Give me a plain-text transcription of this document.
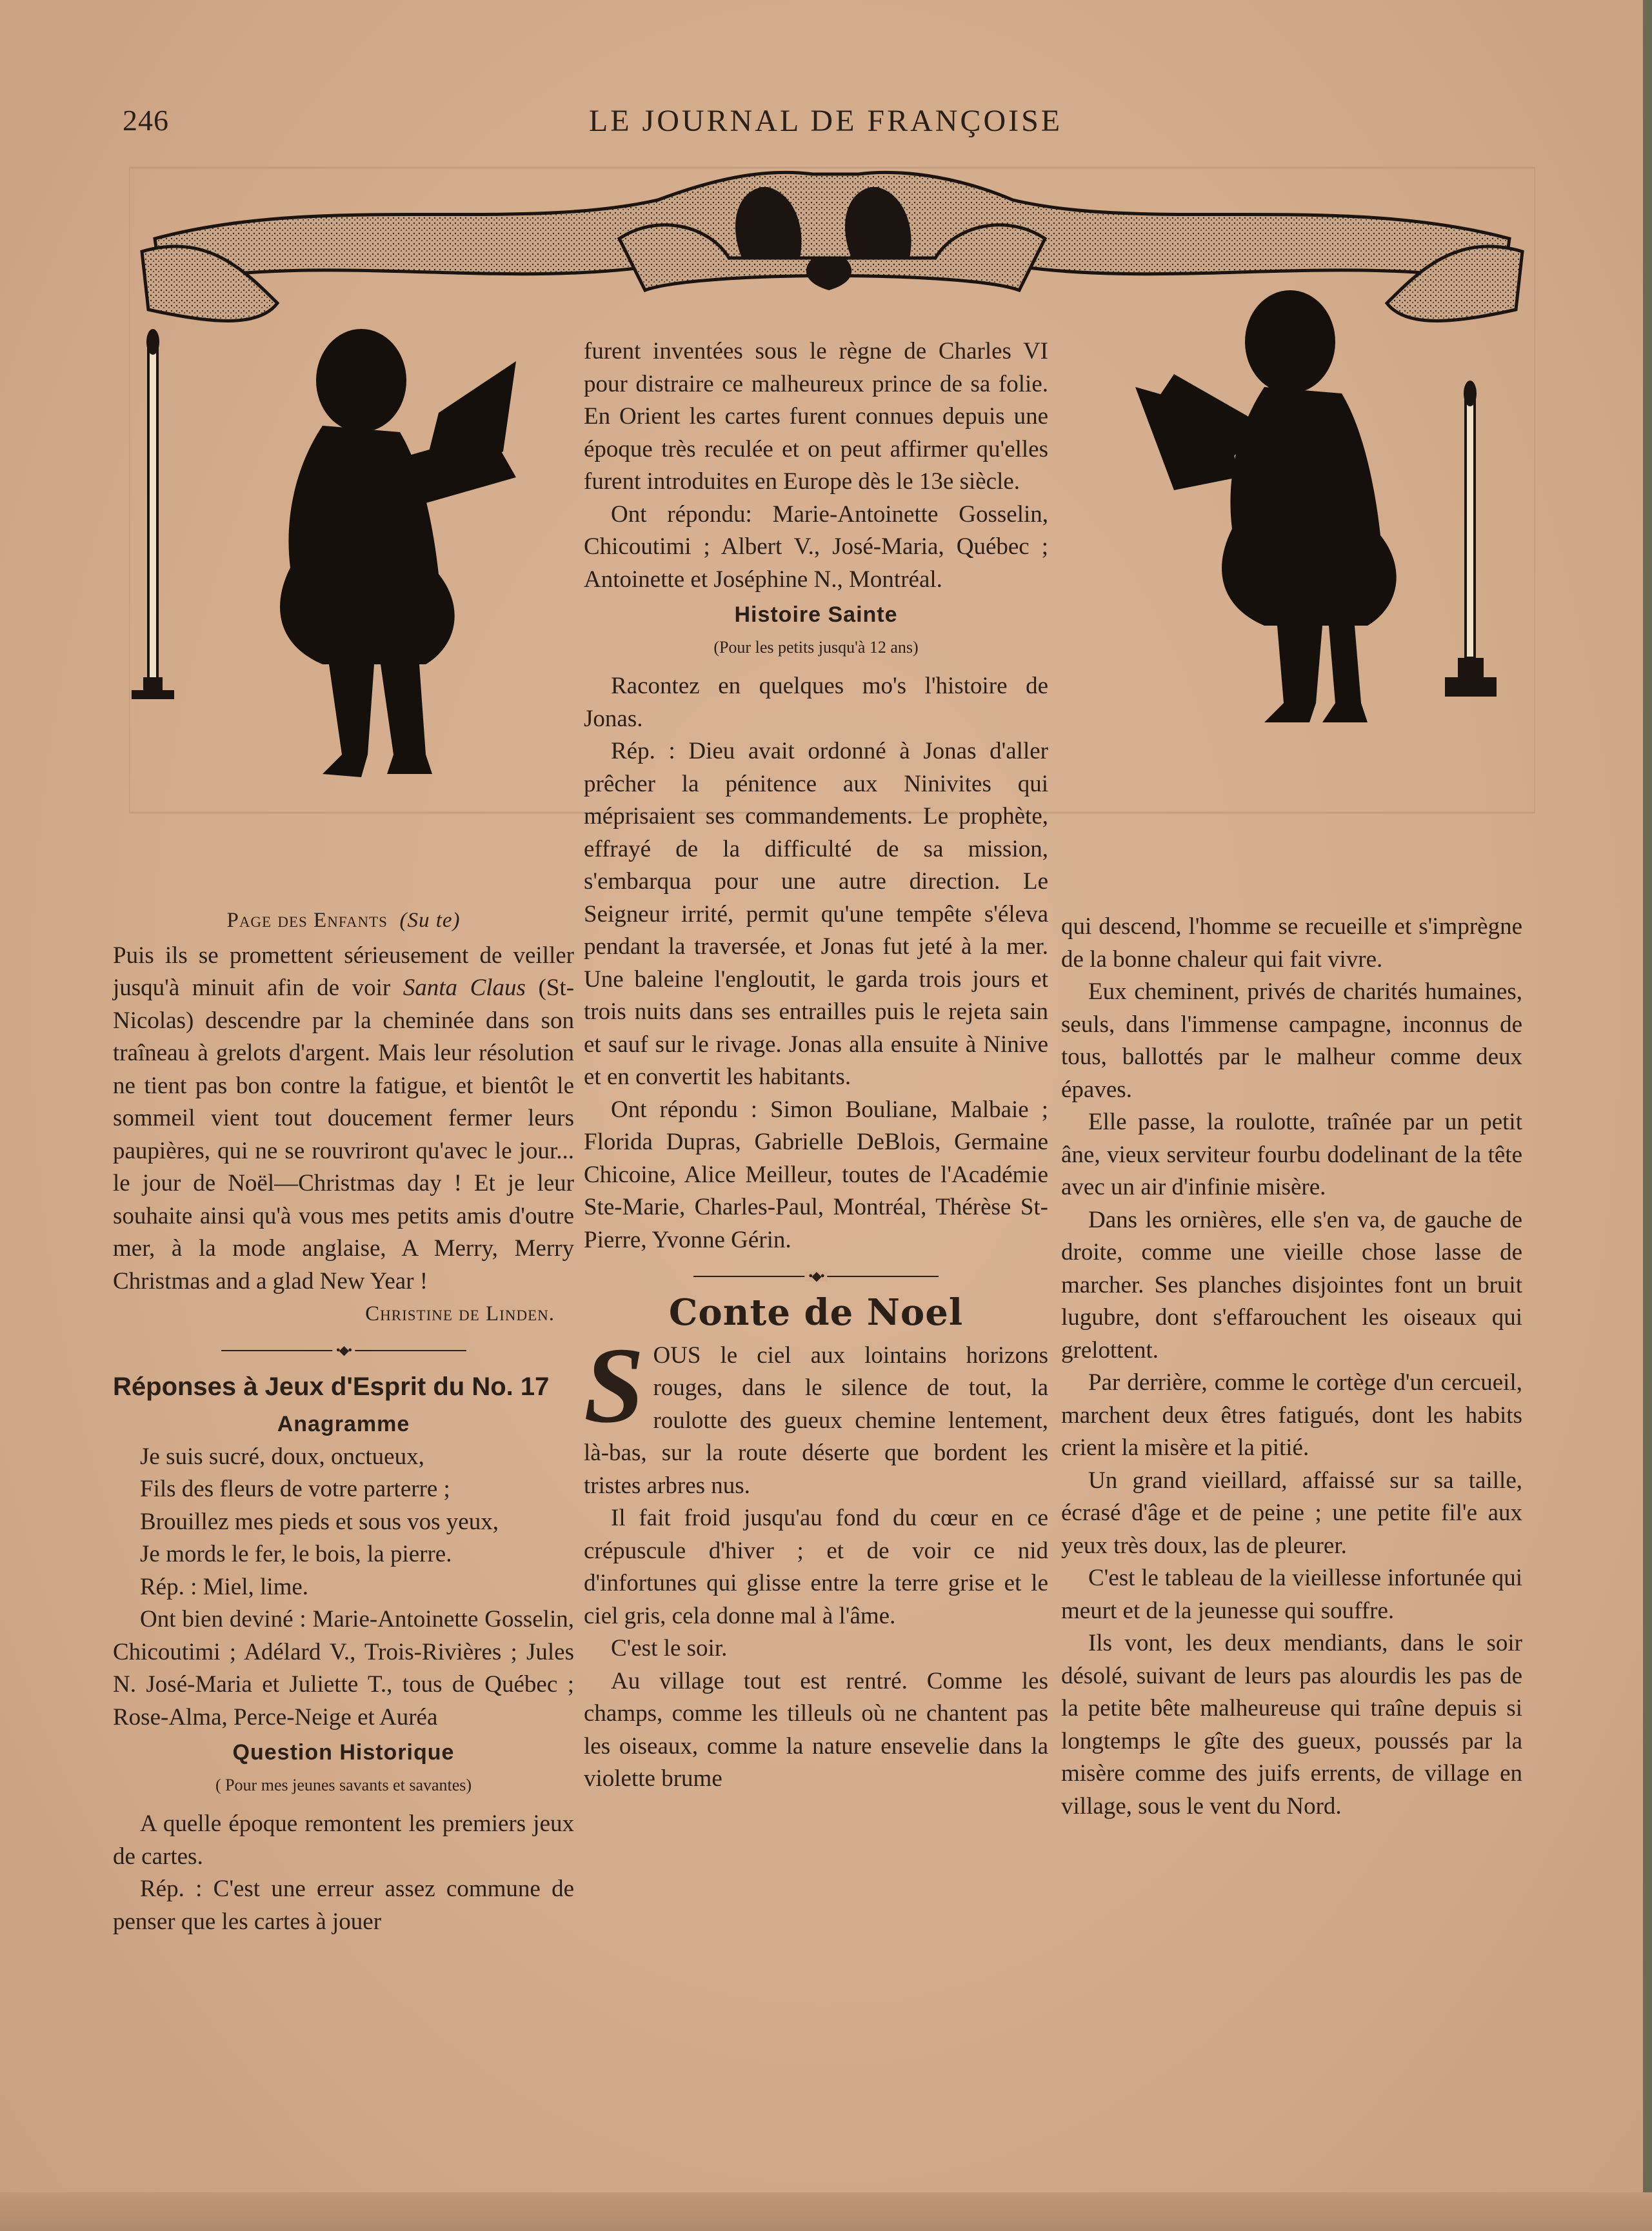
246	LE JOURNAL DE FRANÇOISE
Page des Enfants (Su te)

Puis ils se promettent sérieusement de veiller jusqu'à minuit afin de voir Santa Claus (St-Nicolas) descendre par la cheminée dans son traîneau à grelots d'argent. Mais leur résolution ne tient pas bon contre la fatigue, et bientôt le sommeil vient tout doucement fermer leurs paupières, qui ne se rouvriront qu'avec le jour... le jour de Noël—Christmas day ! Et je leur souhaite ainsi qu'à vous mes petits amis d'outre mer, à la mode anglaise, A Merry, Merry Christmas and a glad New Year !

Christine de Linden.
•◆•
Réponses à Jeux d'Esprit du No. 17
Anagramme

Je suis sucré, doux, onctueux,

Fils des fleurs de votre parterre ;

Brouillez mes pieds et sous vos yeux,

Je mords le fer, le bois, la pierre.

Rép. : Miel, lime.

Ont bien deviné : Marie-Antoinette Gosselin, Chicoutimi ; Adélard V., Trois-Rivières ; Jules N. José-Maria et Juliette T., tous de Québec ; Rose-Alma, Perce-Neige et Auréa

Question Historique
( Pour mes jeunes savants et savantes)

A quelle époque remontent les premiers jeux de cartes.

Rép. : C'est une erreur assez commune de penser que les cartes à jouer

furent inventées sous le règne de Charles VI pour distraire ce malheureux prince de sa folie. En Orient les cartes furent connues depuis une époque très reculée et on peut affirmer qu'elles furent introduites en Europe dès le 13e siècle.

Ont répondu: Marie-Antoinette Gosselin, Chicoutimi ; Albert V., José-Maria, Québec ; Antoinette et Joséphine N., Montréal.

Histoire Sainte
(Pour les petits jusqu'à 12 ans)

Racontez en quelques mo's l'histoire de Jonas.

Rép. : Dieu avait ordonné à Jonas d'aller prêcher la pénitence aux Ninivites qui méprisaient ses commandements. Le prophète, effrayé de la difficulté de sa mission, s'embarqua pour une autre direction. Le Seigneur irrité, permit qu'une tempête s'éleva pendant la traversée, et Jonas fut jeté à la mer. Une baleine l'engloutit, le garda trois jours et trois nuits dans ses entrailles puis le rejeta sain et sauf sur le rivage. Jonas alla ensuite à Ninive et en convertit les habitants.

Ont répondu : Simon Bouliane, Malbaie ; Florida Dupras, Gabrielle DeBlois, Germaine Chicoine, Alice Meilleur, toutes de l'Académie Ste-Marie, Charles-Paul, Montréal, Thérèse St-Pierre, Yvonne Gérin.

•◆•
Conte de Noel

SOUS le ciel aux lointains horizons rouges, dans le silence de tout, la roulotte des gueux chemine lentement, là-bas, sur la route déserte que bordent les tristes arbres nus.

Il fait froid jusqu'au fond du cœur en ce crépuscule d'hiver ; et de voir ce nid d'infortunes qui glisse entre la terre grise et le ciel gris, cela donne mal à l'âme.

C'est le soir.

Au village tout est rentré. Comme les champs, comme les tilleuls où ne chantent pas les oiseaux, comme la nature ensevelie dans la violette brume

qui descend, l'homme se recueille et s'imprègne de la bonne chaleur qui fait vivre.

Eux cheminent, privés de charités humaines, seuls, dans l'immense campagne, inconnus de tous, ballottés par le malheur comme deux épaves.

Elle passe, la roulotte, traînée par un petit âne, vieux serviteur fourbu dodelinant de la tête avec un air d'infinie misère.

Dans les ornières, elle s'en va, de gauche de droite, comme une vieille chose lasse de marcher. Ses planches disjointes font un bruit lugubre, dont s'effarouchent les oiseaux qui grelottent.

Par derrière, comme le cortège d'un cercueil, marchent deux êtres fatigués, dont les habits crient la misère et la pitié.

Un grand vieillard, affaissé sur sa taille, écrasé d'âge et de peine ; une petite fil'e aux yeux très doux, las de pleurer.

C'est le tableau de la vieillesse infortunée qui meurt et de la jeunesse qui souffre.

Ils vont, les deux mendiants, dans le soir désolé, suivant de leurs pas alourdis les pas de la petite bête malheureuse qui traîne depuis si longtemps le gîte des gueux, poussés par la misère comme des juifs errents, de village en village, sous le vent du Nord.
